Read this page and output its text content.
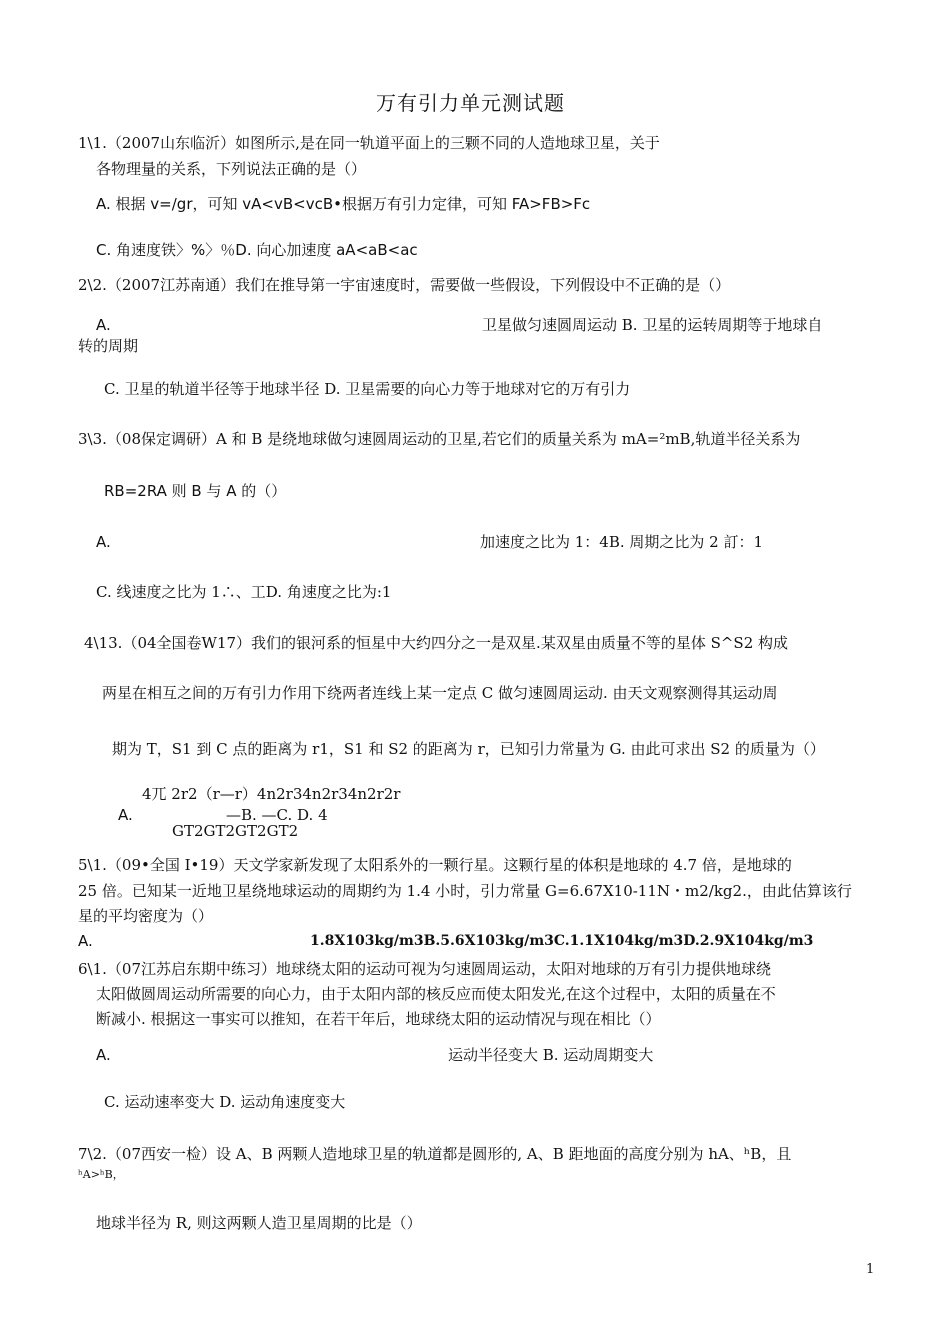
万有引力单元测试题
1\1.（2007山东临沂）如图所示,是在同一轨道平面上的三颗不同的人造地球卫星，关于
各物理量的关系，下列说法正确的是（）
A. 根据 v=/gr，可知 vA<vB<vcB•根据万有引力定律，可知 FA>FB>Fc
C. 角速度铁〉%〉％D. 向心加速度 aA<aB<ac
2\2.（2007江苏南通）我们在推导第一宇宙速度时，需要做一些假设，下列假设中不正确的是（）
A.	卫星做匀速圆周运动 B. 卫星的运转周期等于地球自
转的周期
C. 卫星的轨道半径等于地球半径 D. 卫星需要的向心力等于地球对它的万有引力
3\3.（08保定调研）A 和 B 是绕地球做匀速圆周运动的卫星,若它们的质量关系为 mA=²mB,轨道半径关系为
RB=2RA 则 B 与 A 的（）
A.	加速度之比为 1：4B. 周期之比为 2 訂：1
C. 线速度之比为 1∴、工D. 角速度之比为:1
4\13.（04全国卷W17）我们的银河系的恒星中大约四分之一是双星.某双星由质量不等的星体 S^S2 构成
两星在相互之间的万有引力作用下绕两者连线上某一定点 C 做匀速圆周运动. 由天文观察测得其运动周
期为 T，S1 到 C 点的距离为 r1，S1 和 S2 的距离为 r，已知引力常量为 G. 由此可求出 S2 的质量为（）
4兀 2r2（r—r）4n2r34n2r34n2r2r
A.	—B. —C. D. 4
GT2GT2GT2GT2
5\1.（09•全国 I•19）天文学家新发现了太阳系外的一颗行星。这颗行星的体积是地球的 4.7 倍，是地球的
25 倍。已知某一近地卫星绕地球运动的周期约为 1.4 小时，引力常量 G=6.67X10-11N・m2/kg2.，由此估算该行
星的平均密度为（）
A.	1.8X103kg/m3B.5.6X103kg/m3C.1.1X104kg/m3D.2.9X104kg/m3
6\1.（07江苏启东期中练习）地球绕太阳的运动可视为匀速圆周运动，太阳对地球的万有引力提供地球绕
太阳做圆周运动所需要的向心力，由于太阳内部的核反应而使太阳发光,在这个过程中，太阳的质量在不
断减小. 根据这一事实可以推知，在若干年后，地球绕太阳的运动情况与现在相比（）
A.	运动半径变大 B. 运动周期变大
C. 运动速率变大 D. 运动角速度变大
7\2.（07西安一检）设 A、B 两颗人造地球卫星的轨道都是圆形的, A、B 距地面的高度分别为 hA、ʰB，且
ʰA>ʰB，
地球半径为 R, 则这两颗人造卫星周期的比是（）
1
